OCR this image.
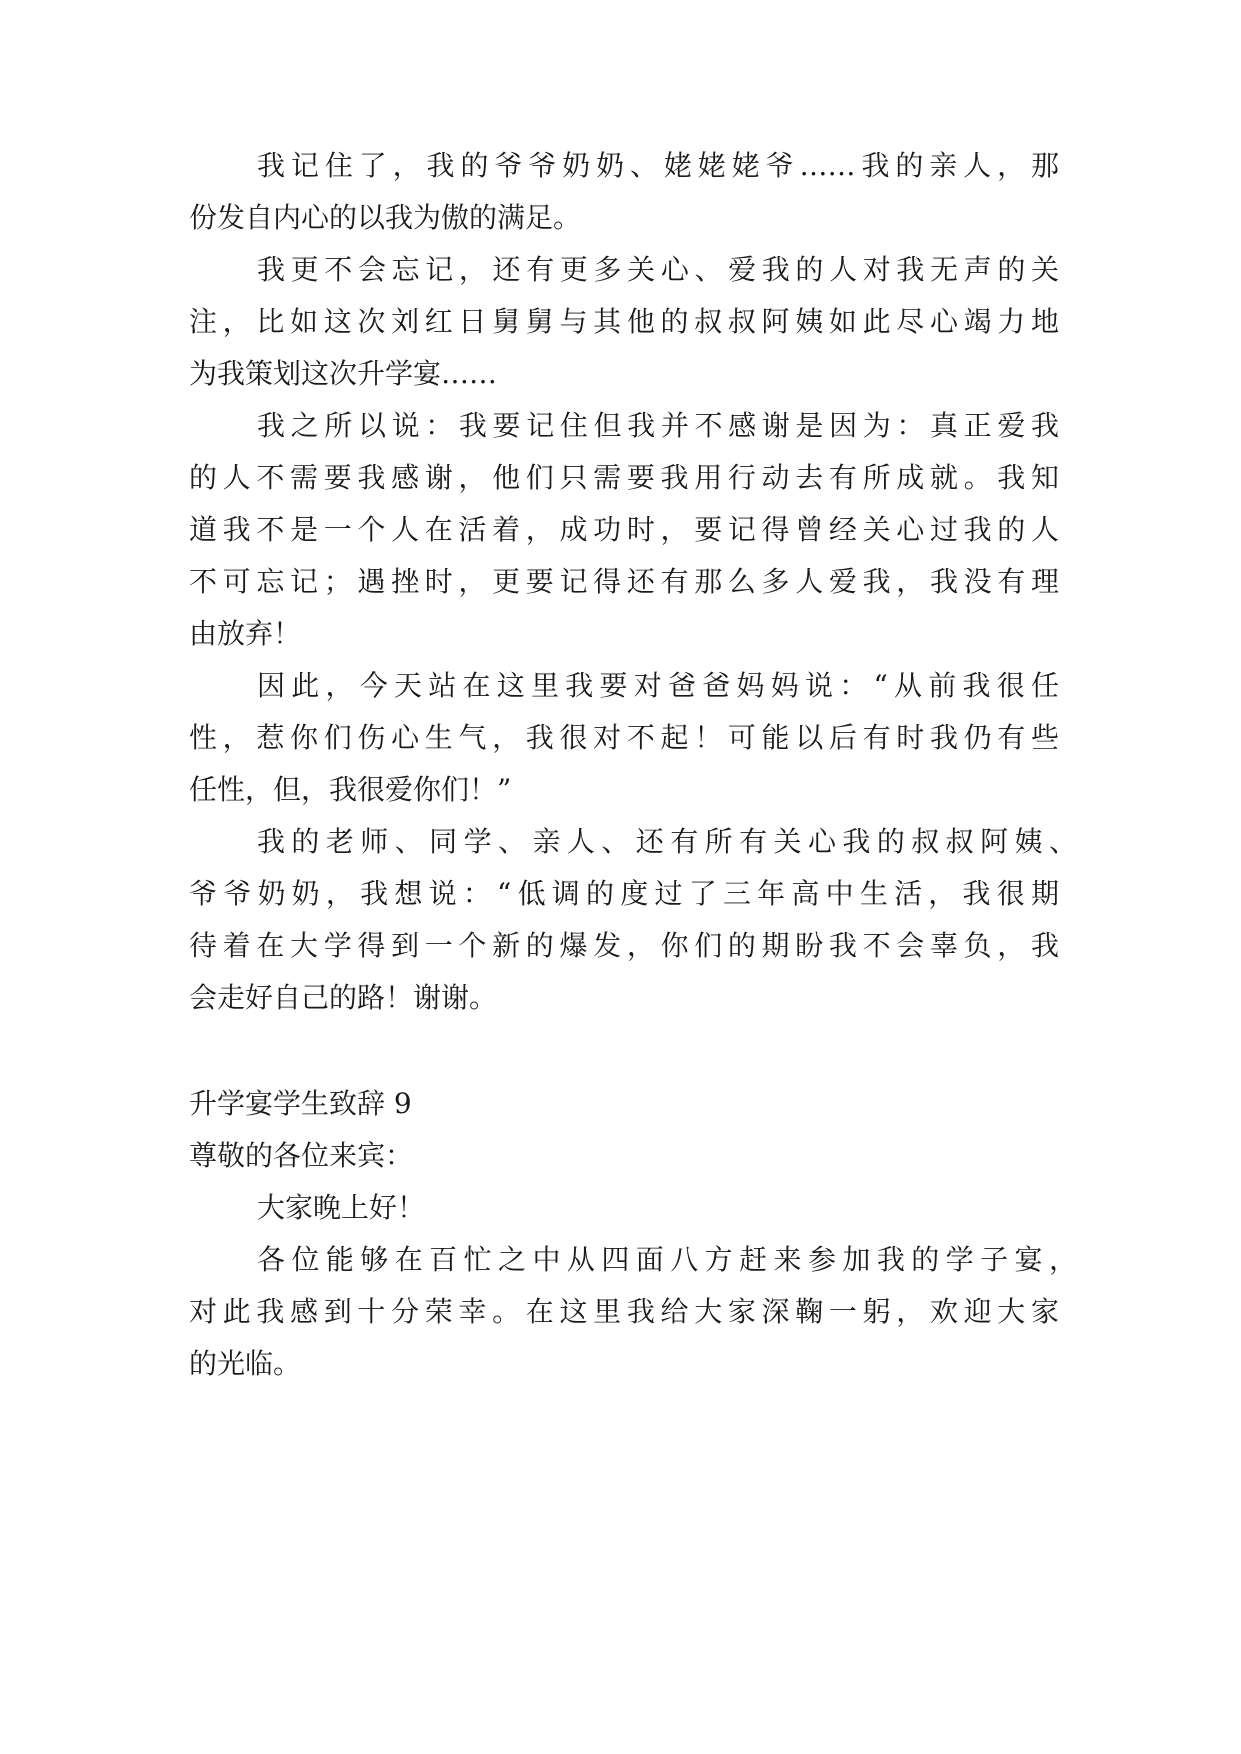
我记住了，我的爷爷奶奶、姥姥姥爷……我的亲人，那

份发自内心的以我为傲的满足。

我更不会忘记，还有更多关心、爱我的人对我无声的关

注，比如这次刘红日舅舅与其他的叔叔阿姨如此尽心竭力地

为我策划这次升学宴……

我之所以说：我要记住但我并不感谢是因为：真正爱我

的人不需要我感谢，他们只需要我用行动去有所成就。我知

道我不是一个人在活着，成功时，要记得曾经关心过我的人

不可忘记；遇挫时，更要记得还有那么多人爱我，我没有理

由放弃！

因此，今天站在这里我要对爸爸妈妈说：“从前我很任

性，惹你们伤心生气，我很对不起！可能以后有时我仍有些

任性，但，我很爱你们！”

我的老师、同学、亲人、还有所有关心我的叔叔阿姨、

爷爷奶奶，我想说：“低调的度过了三年高中生活，我很期

待着在大学得到一个新的爆发，你们的期盼我不会辜负，我

会走好自己的路！谢谢。

升学宴学生致辞 9

尊敬的各位来宾：

大家晚上好！

各位能够在百忙之中从四面八方赶来参加我的学子宴，

对此我感到十分荣幸。在这里我给大家深鞠一躬，欢迎大家

的光临。
